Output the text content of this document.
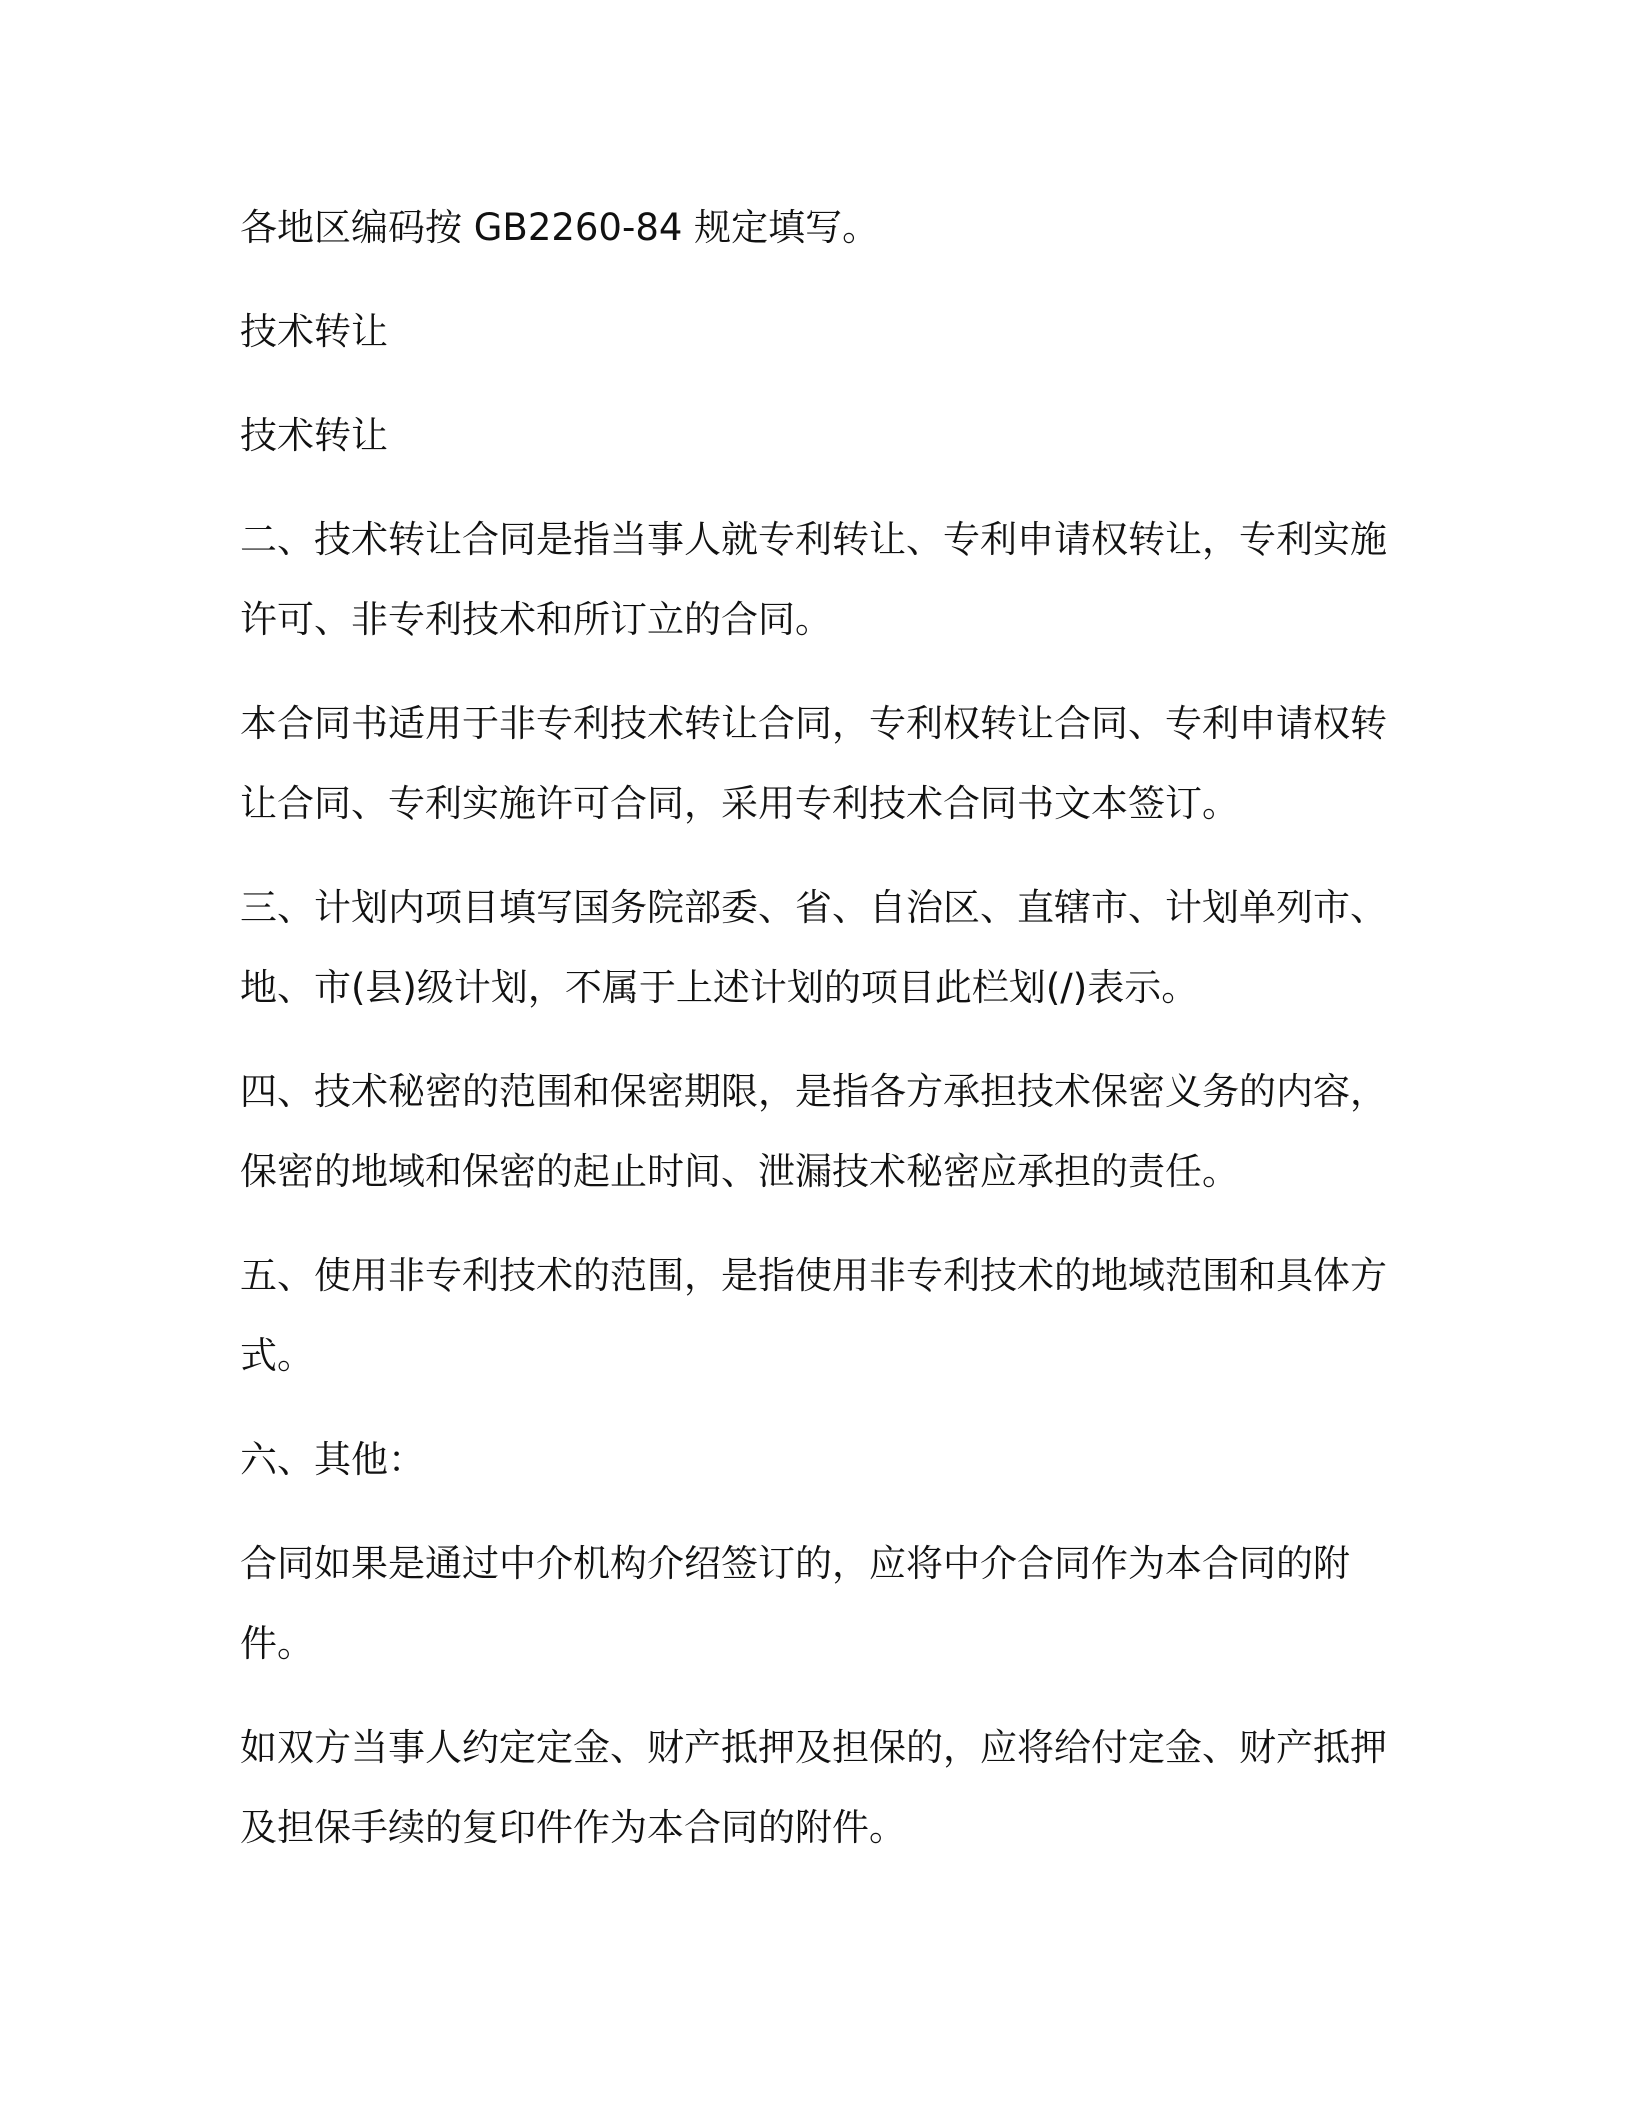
各地区编码按 GB2260-84 规定填写。

技术转让

技术转让

二、技术转让合同是指当事人就专利转让、专利申请权转让，专利实施许可、非专利技术和所订立的合同。

本合同书适用于非专利技术转让合同，专利权转让合同、专利申请权转让合同、专利实施许可合同，采用专利技术合同书文本签订。

三、计划内项目填写国务院部委、省、自治区、直辖市、计划单列市、地、市(县)级计划，不属于上述计划的项目此栏划(/)表示。

四、技术秘密的范围和保密期限，是指各方承担技术保密义务的内容，保密的地域和保密的起止时间、泄漏技术秘密应承担的责任。

五、使用非专利技术的范围，是指使用非专利技术的地域范围和具体方式。

六、其他：

合同如果是通过中介机构介绍签订的，应将中介合同作为本合同的附件。

如双方当事人约定定金、财产抵押及担保的，应将给付定金、财产抵押及担保手续的复印件作为本合同的附件。
